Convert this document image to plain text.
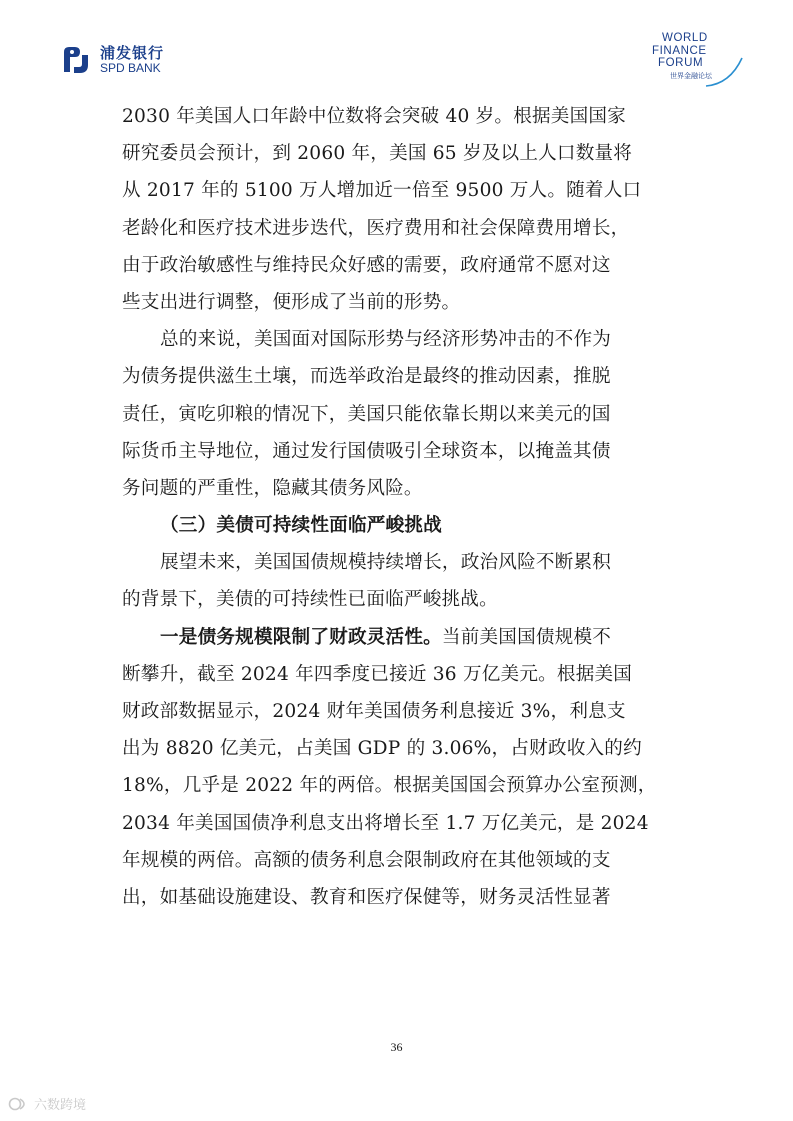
浦发银行
SPD BANK
WORLD
FINANCE
FORUM
世界金融论坛
2030 年美国人口年龄中位数将会突破 40 岁。根据美国国家
研究委员会预计，到 2060 年，美国 65 岁及以上人口数量将
从 2017 年的 5100 万人增加近一倍至 9500 万人。随着人口
老龄化和医疗技术进步迭代，医疗费用和社会保障费用增长，
由于政治敏感性与维持民众好感的需要，政府通常不愿对这
些支出进行调整，便形成了当前的形势。
总的来说，美国面对国际形势与经济形势冲击的不作为
为债务提供滋生土壤，而选举政治是最终的推动因素，推脱
责任，寅吃卯粮的情况下，美国只能依靠长期以来美元的国
际货币主导地位，通过发行国债吸引全球资本，以掩盖其债
务问题的严重性，隐藏其债务风险。
（三）美债可持续性面临严峻挑战
展望未来，美国国债规模持续增长，政治风险不断累积
的背景下，美债的可持续性已面临严峻挑战。
一是债务规模限制了财政灵活性。当前美国国债规模不
断攀升，截至 2024 年四季度已接近 36 万亿美元。根据美国
财政部数据显示，2024 财年美国债务利息接近 3%，利息支
出为 8820 亿美元，占美国 GDP 的 3.06%，占财政收入的约
18%，几乎是 2022 年的两倍。根据美国国会预算办公室预测，
2034 年美国国债净利息支出将增长至 1.7 万亿美元，是 2024
年规模的两倍。高额的债务利息会限制政府在其他领域的支
出，如基础设施建设、教育和医疗保健等，财务灵活性显著
36
六数跨境
